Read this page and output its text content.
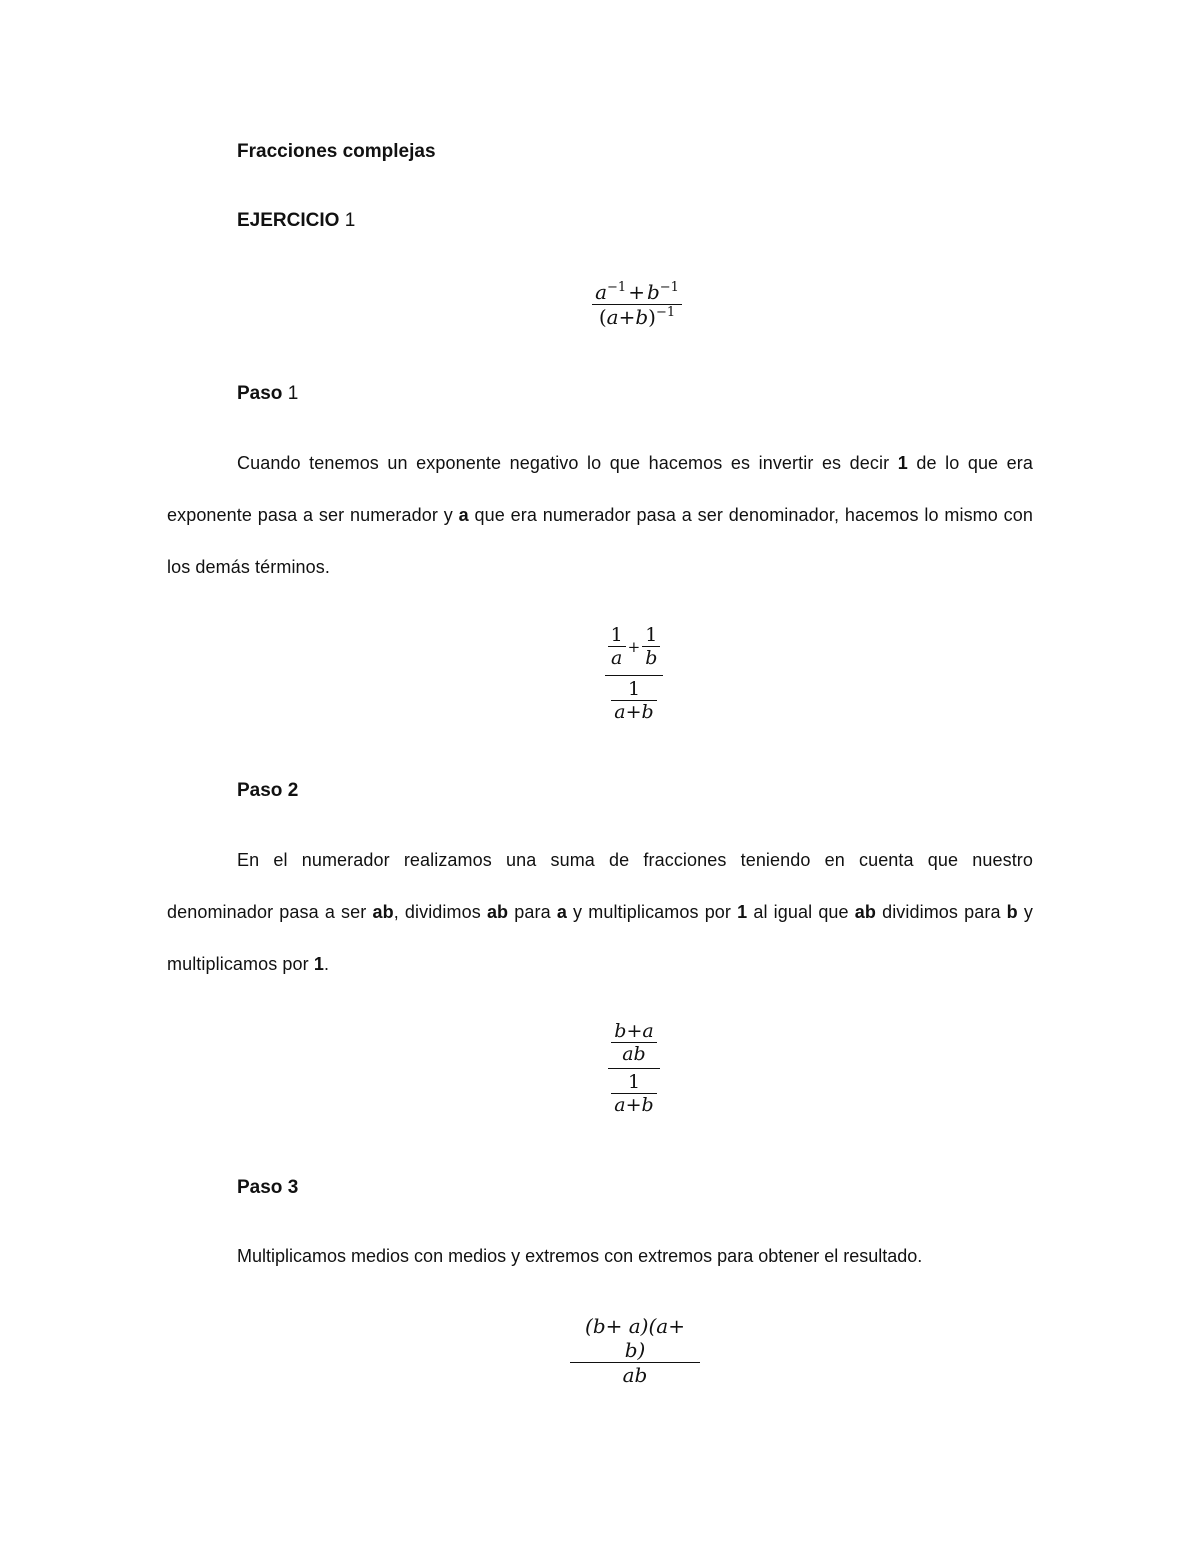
Fracciones complejas
EJERCICIO 1
$\frac{a^{-1} + b^{-1}}{(a+b)^{-1}}$
Paso 1
Cuando tenemos un exponente negativo lo que hacemos es invertir es decir 1 de lo que era exponente pasa a ser numerador y a que era numerador pasa a ser denominador, hacemos lo mismo con los demás términos.
$\frac{1}{a} + \frac{1}{b}$
$\frac{1}{a+b}$
Paso 2
En el numerador realizamos una suma de fracciones teniendo en cuenta que nuestro denominador pasa a ser ab, dividimos ab para a y multiplicamos por 1 al igual que ab dividimos para b y multiplicamos por 1.
$\frac{\frac{b+a}{ab}}{\frac{1}{a+b}}$
Paso 3
Multiplicamos medios con medios y extremos con extremos para obtener el resultado.
$\frac{(b+ a)(a+ b)}{ab}$
